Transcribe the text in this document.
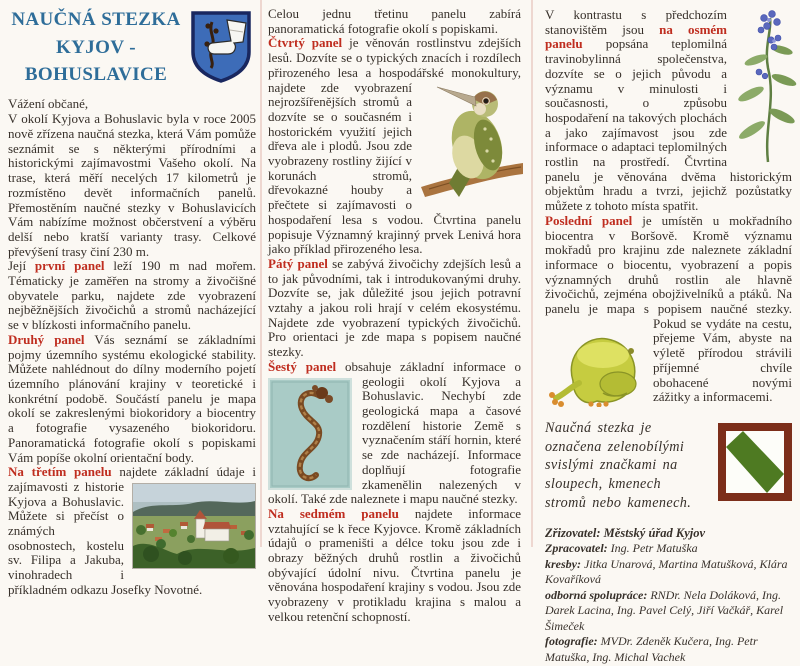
NAUČNÁ STEZKA KYJOV - BOHUSLAVICE

Vážení občané,

V okolí Kyjova a Bohuslavic byla v roce 2005 nově zřízena naučná stezka, která Vám pomůže seznámit se s některými přírodními a historickými zajímavostmi Vašeho okolí. Na trase, která měří necelých 17 kilometrů je rozmístěno devět informačních panelů. Přemostěním naučné stezky v Bohuslavicích Vám nabízíme možnost občerstvení a výběru delší nebo kratší varianty trasy. Celkové převýšení trasy činí 230 m.

Její první panel leží 190 m nad mořem. Tématicky je zaměřen na stromy a živočišné obyvatele parku, najdete zde vyobrazení nejběžnějších živočichů a stromů nacházející se v blízkosti informačního panelu.

Druhý panel Vás seznámí se základními pojmy územního systému ekologické stability. Můžete nahlédnout do dílny moderního pojetí územního plánování krajiny v teoretické i konkrétní podobě. Součástí panelu je mapa okolí se zakreslenými biokoridory a biocentry a fotografie vysazeného biokoridoru. Panoramatická fotografie okolí s popiskami Vám popíše okolní orientační body.

Na třetím panelu najdete základní údaje i zajímavosti
z historie Kyjova a Bohuslavic. Můžete si přečíst o známých osobnostech, kostelu sv. Filipa a Jakuba, vinohradech i příkladném odkazu Josefky Novotné.

Celou jednu třetinu panelu zabírá panoramatická fotografie okolí s popiskami.

Čtvrtý panel je věnován rostlinstvu zdejších lesů. Dozvíte se o typických znacích i rozdílech přirozeného lesa a hospodářské monokultury, najdete zde
vyobrazení nejrozšířenějších stromů a dozvíte se o současném i hostorickém využití jejich dřeva ale i plodů. Jsou zde vyobrazeny rostliny žijící v korunách stromů, dřevokazné houby a přečtete si zajímavosti o hospodaření lesa s vodou. Čtvrtina panelu popisuje Významný krajinný prvek Lenivá hora jako příklad přirozeného lesa.

Pátý panel se zabývá živočichy zdejších lesů a to jak původními, tak i introdukovanými druhy. Dozvíte se, jak důležité jsou jejich potravní vztahy a jakou roli hrají v celém ekosystému. Najdete zde vyobrazení typických živočichů. Pro orientaci je zde mapa s popisem naučné stezky.

Šestý panel obsahuje základní informace o geologii
okolí Kyjova a Bohuslavic. Nechybí zde geologická mapa a časové rozdělení historie Země s vyznačením stáří hornin, které se zde nacházejí. Informace doplňují fotografie zkamenělin nalezených v okolí. Také zde naleznete i mapu naučné stezky.

Na sedmém panelu najdete informace vztahující se k řece Kyjovce. Kromě základních údajů o prameništi a délce toku jsou zde i obrazy běžných druhů rostlin a živočichů obývající údolní nivu. Čtvrtina panelu je věnována hospodaření krajiny s vodou. Jsou zde vyobrazeny v protikladu krajina s malou a velkou retenční schopností.

V kontrastu s předchozím stanovištěm jsou na osmém panelu popsána teplomilná travinobylinná společenstva, dozvíte se o jejich původu a významu v minulosti i současnosti, o způsobu hospodaření na takových plochách a jako zajímavost jsou zde informace o adaptaci teplomilných rostlin na prostředí. Čtvrtina panelu je věnována dvěma historickým objektům hradu a tvrzi, jejichž pozůstatky můžete z tohoto místa spatřit.

Poslední panel je umístěn u mokřadního biocentra v Boršově. Kromě významu mokřadů pro krajinu zde naleznete základní informace o biocentu, vyobrazení a popis významných druhů rostlin ale hlavně živočichů, zejména obojživelníků a ptáků. Na panelu je mapa s popisem naučné
stezky. Pokud se vydáte na cestu, přejeme Vám, abyste na výletě přírodou strávili příjemné chvíle obohacené novými zážitky a informacemi.

Naučná stezka je označena zelenobílými svislými značkami na sloupech, kmenech stromů nebo kamenech.

Zřizovatel: Městský úřad Kyjov

Zpracovatel: Ing. Petr Matuška

kresby: Jitka Unarová, Martina Matušková, Klára Kovaříková

odborná spolupráce: RNDr. Nela Doláková, Ing. Darek Lacina, Ing. Pavel Celý, Jiří Vačkář, Karel Šimeček

fotografie: MVDr. Zdeněk Kučera, Ing. Petr Matuška, Ing. Michal Vachek
